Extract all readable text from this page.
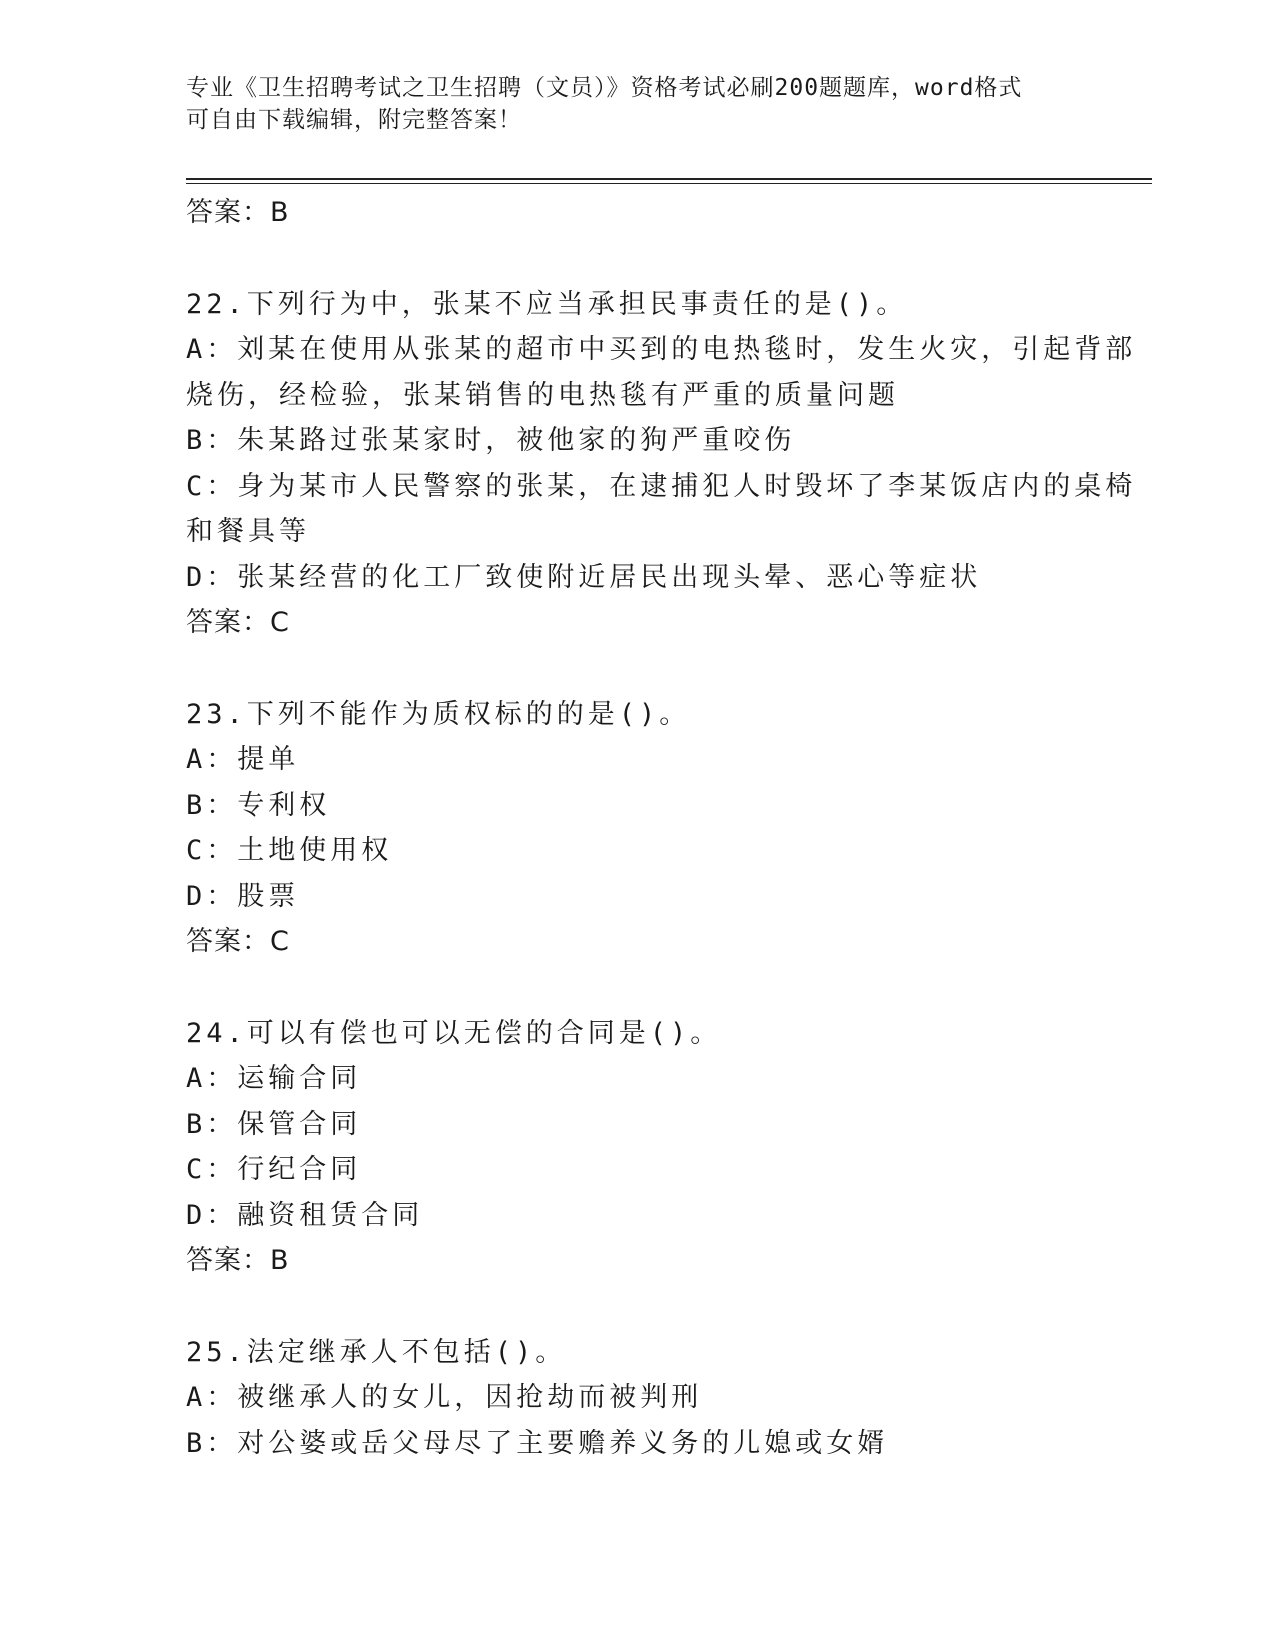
专业《卫生招聘考试之卫生招聘（文员）》资格考试必刷200题题库，word格式
可自由下载编辑，附完整答案！
答案：B
22.下列行为中，张某不应当承担民事责任的是()。
A：刘某在使用从张某的超市中买到的电热毯时，发生火灾，引起背部
烧伤，经检验，张某销售的电热毯有严重的质量问题
B：朱某路过张某家时，被他家的狗严重咬伤
C：身为某市人民警察的张某，在逮捕犯人时毁坏了李某饭店内的桌椅
和餐具等
D：张某经营的化工厂致使附近居民出现头晕、恶心等症状
答案：C
23.下列不能作为质权标的的是()。
A：提单
B：专利权
C：土地使用权
D：股票
答案：C
24.可以有偿也可以无偿的合同是()。
A：运输合同
B：保管合同
C：行纪合同
D：融资租赁合同
答案：B
25.法定继承人不包括()。
A：被继承人的女儿，因抢劫而被判刑
B：对公婆或岳父母尽了主要赡养义务的儿媳或女婿
